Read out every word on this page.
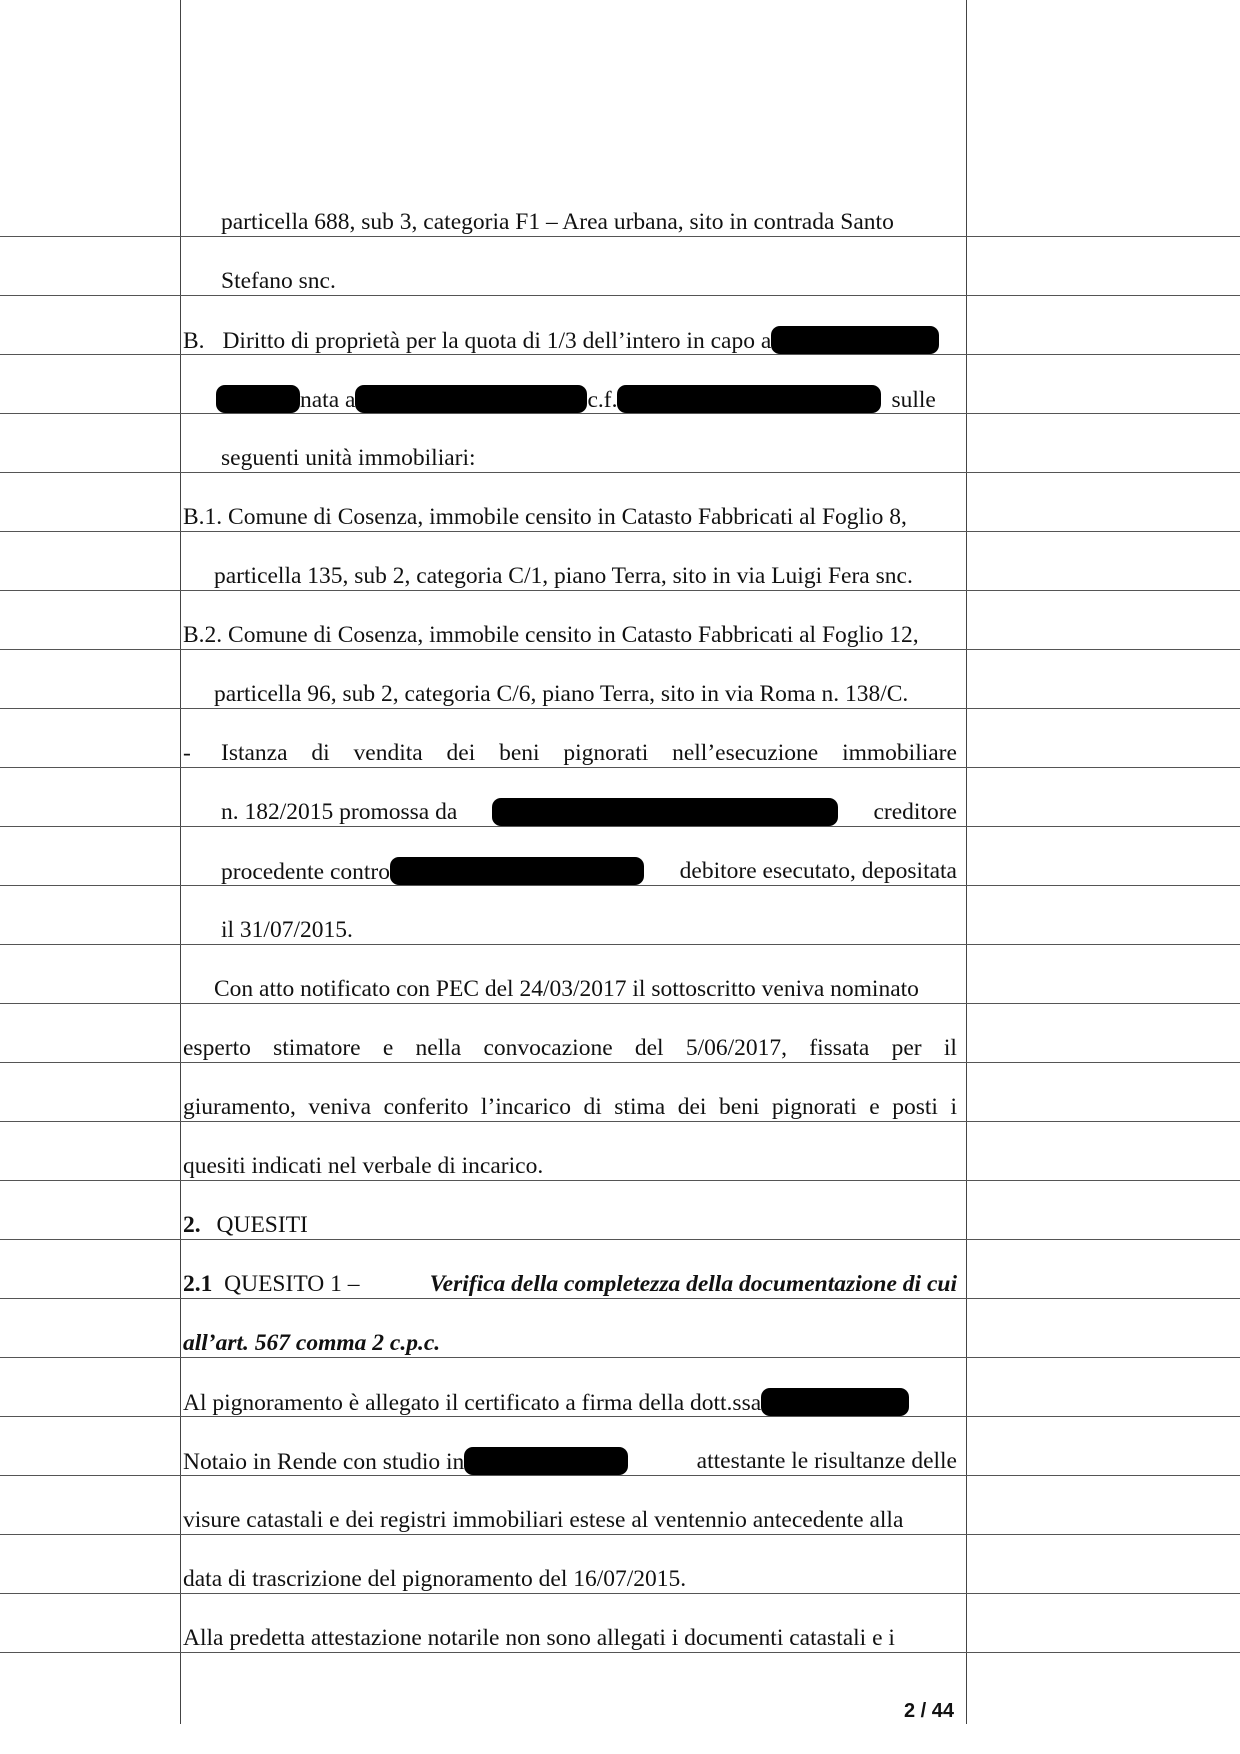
particella 688, sub 3, categoria F1 – Area urbana, sito in contrada Santo
Stefano snc.
B. Diritto di proprietà per la quota di 1/3 dell’intero in capo a
nata a	c.f.	sulle
seguenti unità immobiliari:
B.1. Comune di Cosenza, immobile censito in Catasto Fabbricati al Foglio 8,
particella 135, sub 2, categoria C/1, piano Terra, sito in via Luigi Fera snc.
B.2. Comune di Cosenza, immobile censito in Catasto Fabbricati al Foglio 12,
particella 96, sub 2, categoria C/6, piano Terra, sito in via Roma n. 138/C.
- Istanza di vendita dei beni pignorati nell’esecuzione immobiliare
n. 182/2015 promossa da	creditore
procedente contro	debitore esecutato, depositata
il 31/07/2015.
Con atto notificato con PEC del 24/03/2017 il sottoscritto veniva nominato
esperto stimatore e nella convocazione del 5/06/2017, fissata per il
giuramento, veniva conferito l’incarico di stima dei beni pignorati e posti i
quesiti indicati nel verbale di incarico.
2. QUESITI
2.1 QUESITO 1 –	Verifica della completezza della documentazione di cui
all’art. 567 comma 2 c.p.c.
Al pignoramento è allegato il certificato a firma della dott.ssa
Notaio in Rende con studio in	attestante le risultanze delle
visure catastali e dei registri immobiliari estese al ventennio antecedente alla
data di trascrizione del pignoramento del 16/07/2015.
Alla predetta attestazione notarile non sono allegati i documenti catastali e i
2 / 44
